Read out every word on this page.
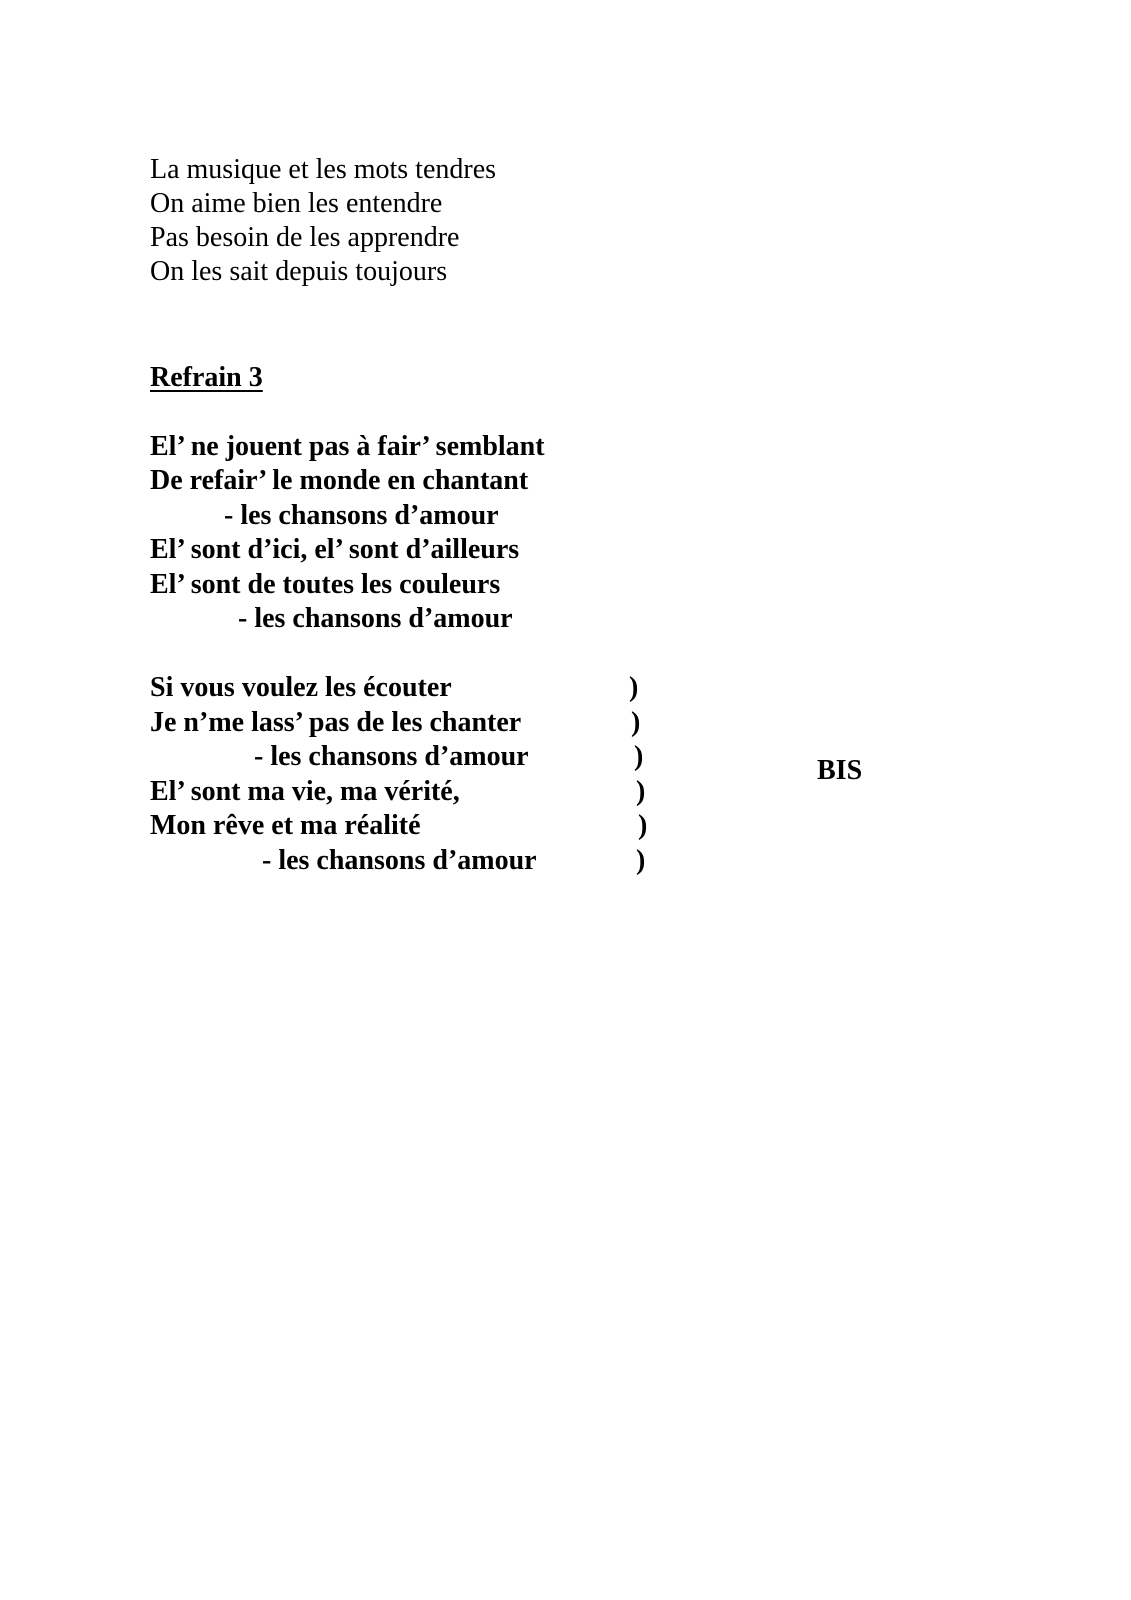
La musique et les mots tendres

On aime bien les entendre

Pas besoin de les apprendre

On les sait depuis toujours

Refrain 3

El’ ne jouent pas à fair’ semblant

De refair’ le monde en chantant

- les chansons d’amour

El’ sont d’ici, el’ sont d’ailleurs

El’ sont de toutes les couleurs

- les chansons d’amour

Si vous voulez les écouter

Je n’me lass’ pas de les chanter

- les chansons d’amour

El’ sont ma vie, ma vérité,

Mon rêve et ma réalité

- les chansons d’amour

)

)

)

)

)

)

BIS
